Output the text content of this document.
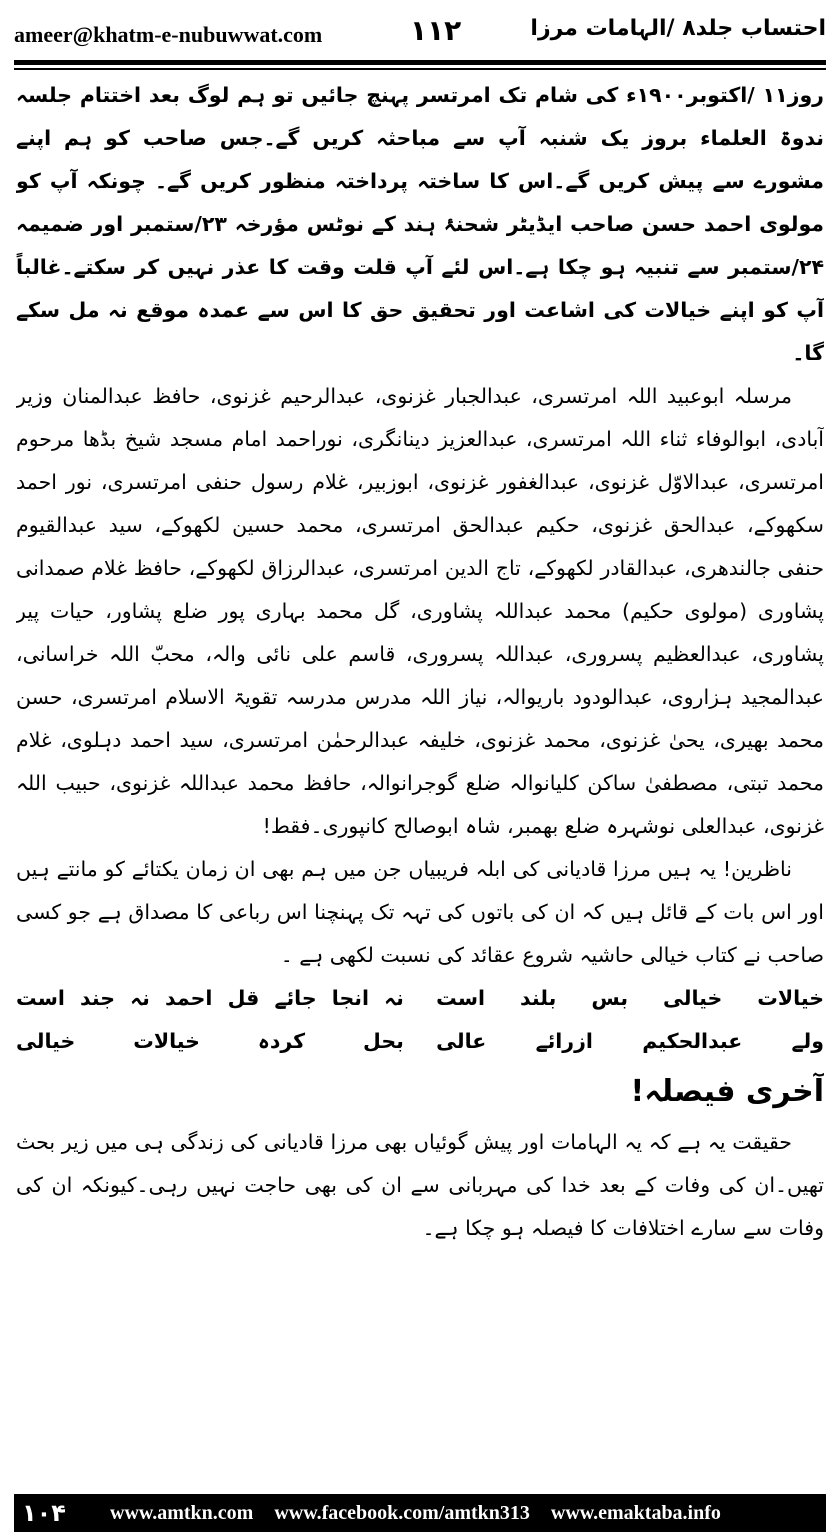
ameer@khatm-e-nubuwwat.com	۱۱۲	احتساب جلد۸ /الہامات مرزا

روز۱۱ /اکتوبر۱۹۰۰ء کی شام تک امرتسر پہنچ جائیں تو ہم لوگ بعد اختتام جلسہ ندوۃ العلماء بروز یک شنبہ آپ سے مباحثہ کریں گے۔جس صاحب کو ہم اپنے مشورے سے پیش کریں گے۔اس کا ساختہ پرداختہ منظور کریں گے۔ چونکہ آپ کو مولوی احمد حسن صاحب ایڈیٹر شحنۂ ہند کے نوٹس مؤرخہ ۲۳/ستمبر اور ضمیمہ ۲۴/ستمبر سے تنبیہ ہو چکا ہے۔اس لئے آپ قلت وقت کا عذر نہیں کر سکتے۔غالباً آپ کو اپنے خیالات کی اشاعت اور تحقیق حق کا اس سے عمدہ موقع نہ مل سکے گا۔

مرسلہ ابوعبید اللہ امرتسری، عبدالجبار غزنوی، عبدالرحیم غزنوی، حافظ عبدالمنان وزیر آبادی، ابوالوفاء ثناء اللہ امرتسری، عبدالعزیز دینانگری، نوراحمد امام مسجد شیخ بڈھا مرحوم امرتسری، عبدالاوّل غزنوی، عبدالغفور غزنوی، ابوزبیر، غلام رسول حنفی امرتسری، نور احمد سکھوکے، عبدالحق غزنوی، حکیم عبدالحق امرتسری، محمد حسین لکھوکے، سید عبدالقیوم حنفی جالندھری، عبدالقادر لکھوکے، تاج الدین امرتسری، عبدالرزاق لکھوکے، حافظ غلام صمدانی پشاوری (مولوی حکیم) محمد عبداللہ پشاوری، گل محمد بہاری پور ضلع پشاور، حیات پیر پشاوری، عبدالعظیم پسروری، عبداللہ پسروری، قاسم علی نائی والہ، محبّ اللہ خراسانی، عبدالمجید ہزاروی، عبدالودود باریوالہ، نیاز اللہ مدرس مدرسہ تقویۃ الاسلام امرتسری، حسن محمد بھیری، یحیٰ غزنوی، محمد غزنوی، خلیفہ عبدالرحمٰن امرتسری، سید احمد دہلوی، غلام محمد تبتی، مصطفیٰ ساکن کلیانوالہ ضلع گوجرانوالہ، حافظ محمد عبداللہ غزنوی، حبیب اللہ غزنوی، عبدالعلی نوشہرہ ضلع بھمبر، شاہ ابوصالح کانپوری۔فقط!

ناظرین! یہ ہیں مرزا قادیانی کی ابلہ فریبیاں جن میں ہم بھی ان زمان یکتائے کو مانتے ہیں اور اس بات کے قائل ہیں کہ ان کی باتوں کی تہہ تک پہنچنا اس رباعی کا مصداق ہے جو کسی صاحب نے کتاب خیالی حاشیہ شروع عقائد کی نسبت لکھی ہے ۔

خیالات خیالی بس بلند است
نہ انجا جائے قل احمد نہ جند است
ولے عبدالحکیم ازرائے عالی
بحل کردہ خیالات خیالی
آخری فیصلہ!

حقیقت یہ ہے کہ یہ الہامات اور پیش گوئیاں بھی مرزا قادیانی کی زندگی ہی میں زیر بحث تھیں۔ان کی وفات کے بعد خدا کی مہربانی سے ان کی بھی حاجت نہیں رہی۔کیونکہ ان کی وفات سے سارے اختلافات کا فیصلہ ہو چکا ہے۔

۱۰۴ www.amtkn.com www.facebook.com/amtkn313 www.emaktaba.info
